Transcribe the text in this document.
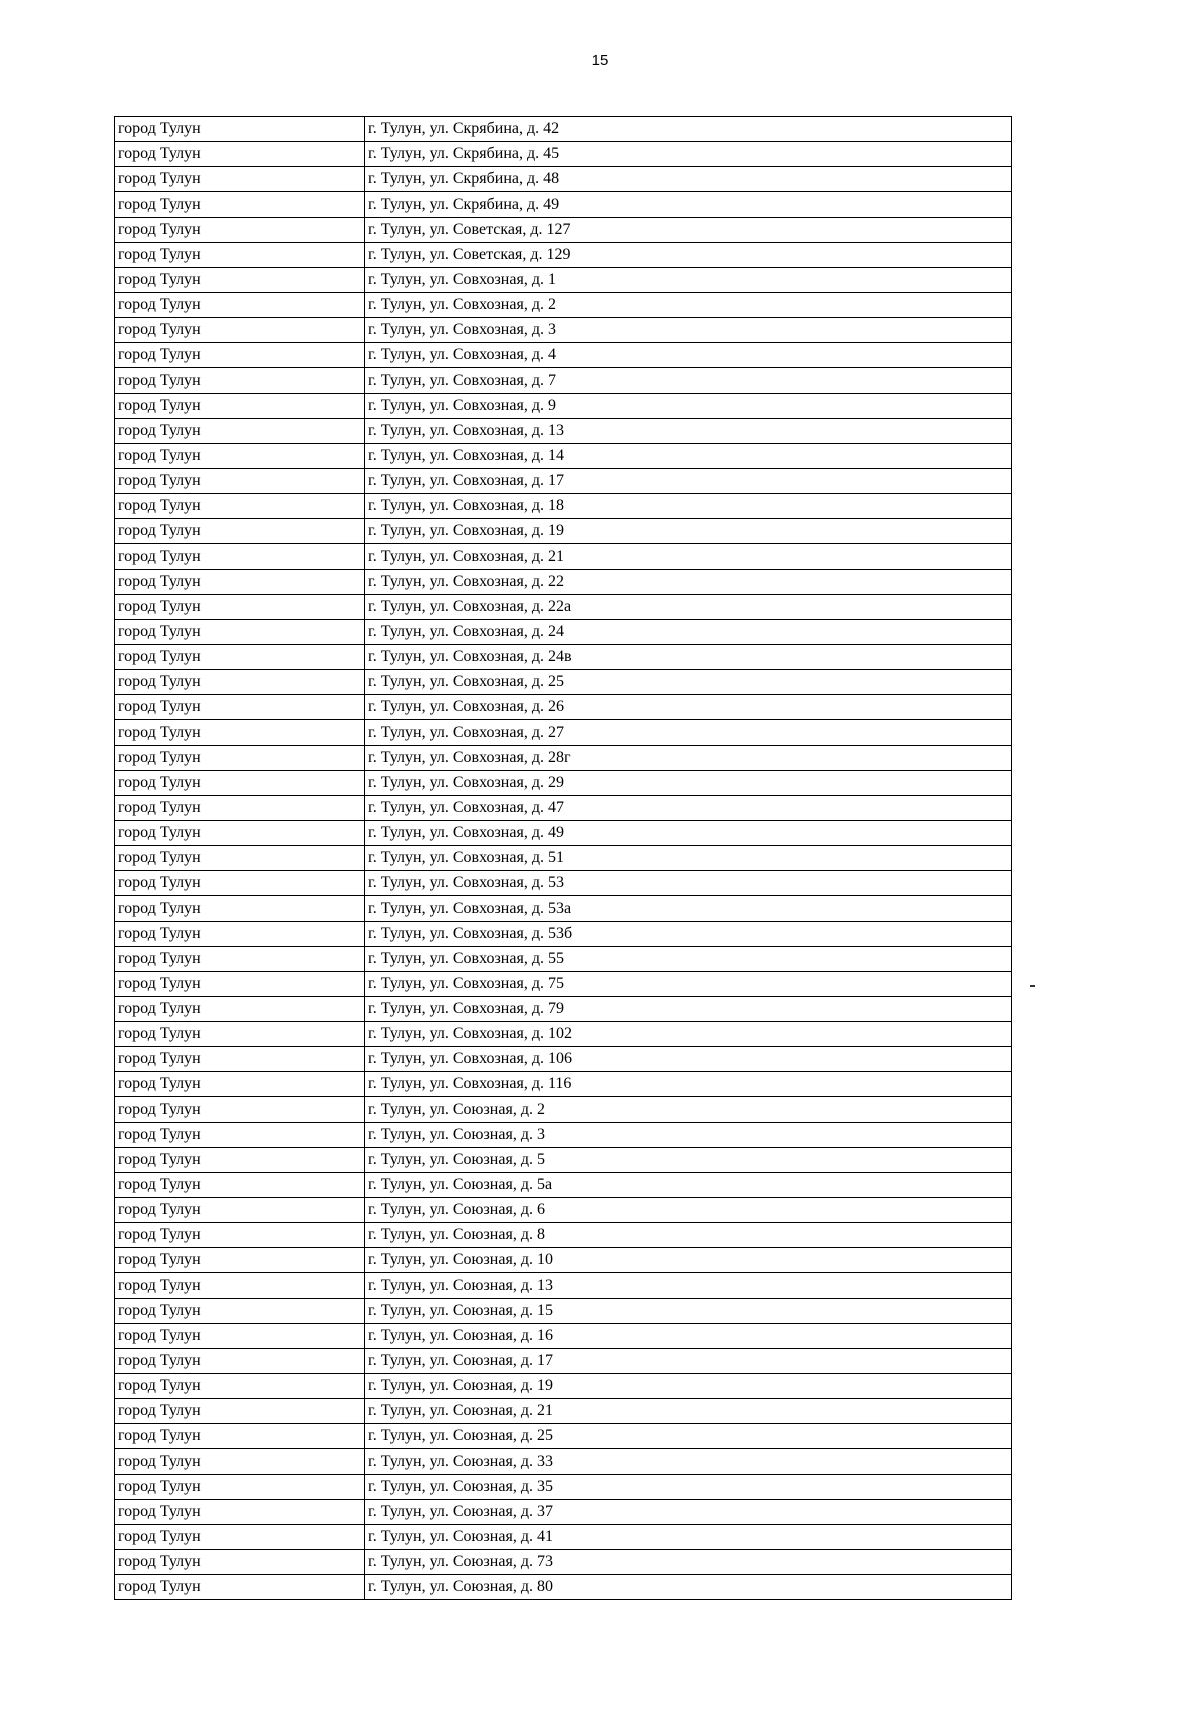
15
город Тулун	г. Тулун, ул. Скрябина, д. 42
город Тулун	г. Тулун, ул. Скрябина, д. 45
город Тулун	г. Тулун, ул. Скрябина, д. 48
город Тулун	г. Тулун, ул. Скрябина, д. 49
город Тулун	г. Тулун, ул. Советская, д. 127
город Тулун	г. Тулун, ул. Советская, д. 129
город Тулун	г. Тулун, ул. Совхозная, д. 1
город Тулун	г. Тулун, ул. Совхозная, д. 2
город Тулун	г. Тулун, ул. Совхозная, д. 3
город Тулун	г. Тулун, ул. Совхозная, д. 4
город Тулун	г. Тулун, ул. Совхозная, д. 7
город Тулун	г. Тулун, ул. Совхозная, д. 9
город Тулун	г. Тулун, ул. Совхозная, д. 13
город Тулун	г. Тулун, ул. Совхозная, д. 14
город Тулун	г. Тулун, ул. Совхозная, д. 17
город Тулун	г. Тулун, ул. Совхозная, д. 18
город Тулун	г. Тулун, ул. Совхозная, д. 19
город Тулун	г. Тулун, ул. Совхозная, д. 21
город Тулун	г. Тулун, ул. Совхозная, д. 22
город Тулун	г. Тулун, ул. Совхозная, д. 22а
город Тулун	г. Тулун, ул. Совхозная, д. 24
город Тулун	г. Тулун, ул. Совхозная, д. 24в
город Тулун	г. Тулун, ул. Совхозная, д. 25
город Тулун	г. Тулун, ул. Совхозная, д. 26
город Тулун	г. Тулун, ул. Совхозная, д. 27
город Тулун	г. Тулун, ул. Совхозная, д. 28г
город Тулун	г. Тулун, ул. Совхозная, д. 29
город Тулун	г. Тулун, ул. Совхозная, д. 47
город Тулун	г. Тулун, ул. Совхозная, д. 49
город Тулун	г. Тулун, ул. Совхозная, д. 51
город Тулун	г. Тулун, ул. Совхозная, д. 53
город Тулун	г. Тулун, ул. Совхозная, д. 53а
город Тулун	г. Тулун, ул. Совхозная, д. 53б
город Тулун	г. Тулун, ул. Совхозная, д. 55
город Тулун	г. Тулун, ул. Совхозная, д. 75
город Тулун	г. Тулун, ул. Совхозная, д. 79
город Тулун	г. Тулун, ул. Совхозная, д. 102
город Тулун	г. Тулун, ул. Совхозная, д. 106
город Тулун	г. Тулун, ул. Совхозная, д. 116
город Тулун	г. Тулун, ул. Союзная, д. 2
город Тулун	г. Тулун, ул. Союзная, д. 3
город Тулун	г. Тулун, ул. Союзная, д. 5
город Тулун	г. Тулун, ул. Союзная, д. 5а
город Тулун	г. Тулун, ул. Союзная, д. 6
город Тулун	г. Тулун, ул. Союзная, д. 8
город Тулун	г. Тулун, ул. Союзная, д. 10
город Тулун	г. Тулун, ул. Союзная, д. 13
город Тулун	г. Тулун, ул. Союзная, д. 15
город Тулун	г. Тулун, ул. Союзная, д. 16
город Тулун	г. Тулун, ул. Союзная, д. 17
город Тулун	г. Тулун, ул. Союзная, д. 19
город Тулун	г. Тулун, ул. Союзная, д. 21
город Тулун	г. Тулун, ул. Союзная, д. 25
город Тулун	г. Тулун, ул. Союзная, д. 33
город Тулун	г. Тулун, ул. Союзная, д. 35
город Тулун	г. Тулун, ул. Союзная, д. 37
город Тулун	г. Тулун, ул. Союзная, д. 41
город Тулун	г. Тулун, ул. Союзная, д. 73
город Тулун	г. Тулун, ул. Союзная, д. 80
